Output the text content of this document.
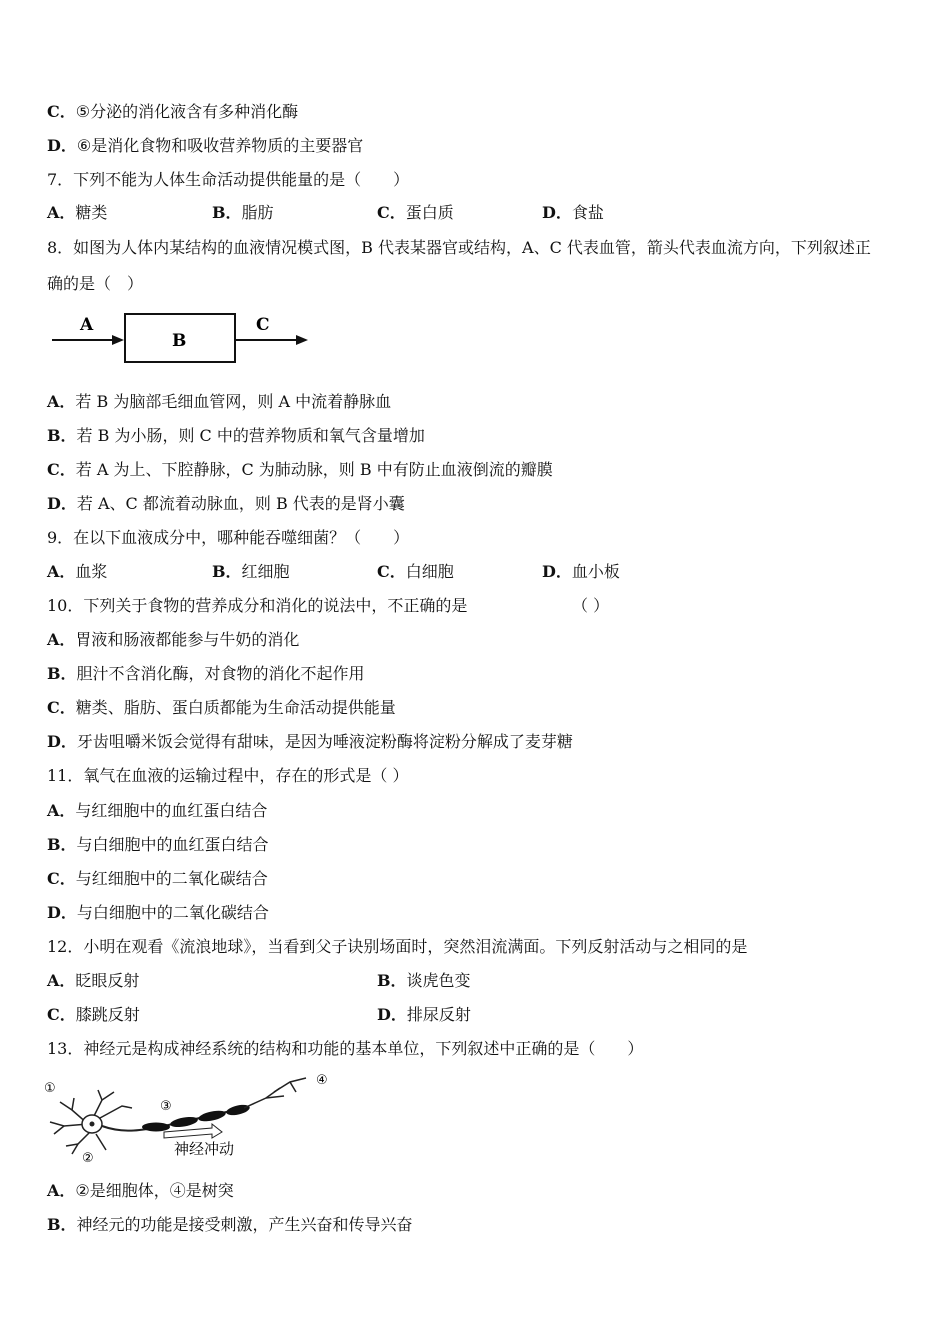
C．⑤分泌的消化液含有多种消化酶
D．⑥是消化食物和吸收营养物质的主要器官
7．下列不能为人体生命活动提供能量的是（　　）
A．糖类	B．脂肪	C．蛋白质	D．食盐
8．如图为人体内某结构的血液情况模式图，B 代表某器官或结构，A、C 代表血管，箭头代表血流方向，下列叙述正
确的是（　）
A
B
C
A．若 B 为脑部毛细血管网，则 A 中流着静脉血
B．若 B 为小肠，则 C 中的营养物质和氧气含量增加
C．若 A 为上、下腔静脉，C 为肺动脉，则 B 中有防止血液倒流的瓣膜
D．若 A、C 都流着动脉血，则 B 代表的是肾小囊
9．在以下血液成分中，哪种能吞噬细菌？（　　）
A．血浆	B．红细胞	C．白细胞	D．血小板
10．下列关于食物的营养成分和消化的说法中，不正确的是	（ ）
A．胃液和肠液都能参与牛奶的消化
B．胆汁不含消化酶，对食物的消化不起作用
C．糖类、脂肪、蛋白质都能为生命活动提供能量
D．牙齿咀嚼米饭会觉得有甜味，是因为唾液淀粉酶将淀粉分解成了麦芽糖
11．氧气在血液的运输过程中，存在的形式是（ ）
A．与红细胞中的血红蛋白结合
B．与白细胞中的血红蛋白结合
C．与红细胞中的二氧化碳结合
D．与白细胞中的二氧化碳结合
12．小明在观看《流浪地球》，当看到父子诀别场面时，突然泪流满面。下列反射活动与之相同的是
A．眨眼反射	B．谈虎色变
C．膝跳反射	D．排尿反射
13．神经元是构成神经系统的结构和功能的基本单位，下列叙述中正确的是（　　）
①
②
③
④
神经冲动
A．②是细胞体，④是树突
B．神经元的功能是接受刺激，产生兴奋和传导兴奋
